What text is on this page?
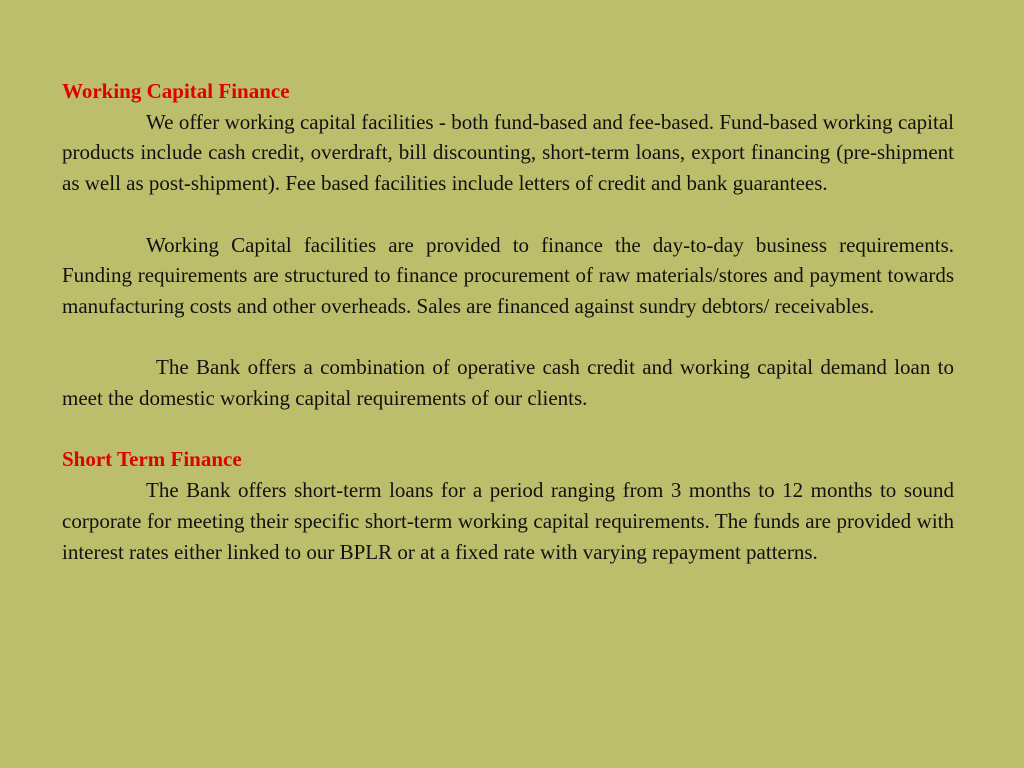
Working Capital Finance

We offer working capital facilities - both fund-based and fee-based. Fund-based working capital products include cash credit, overdraft, bill discounting, short-term loans, export financing (pre-shipment as well as post-shipment). Fee based facilities include letters of credit and bank guarantees.

Working Capital facilities are provided to finance the day-to-day business requirements. Funding requirements are structured to finance procurement of raw materials/stores and payment towards manufacturing costs and other overheads. Sales are financed against sundry debtors/ receivables.

The Bank offers a combination of operative cash credit and working capital demand loan to meet the domestic working capital requirements of our clients.

Short Term Finance

The Bank offers short-term loans for a period ranging from 3 months to 12 months to sound corporate for meeting their specific short-term working capital requirements. The funds are provided with interest rates either linked to our BPLR or at a fixed rate with varying repayment patterns.
